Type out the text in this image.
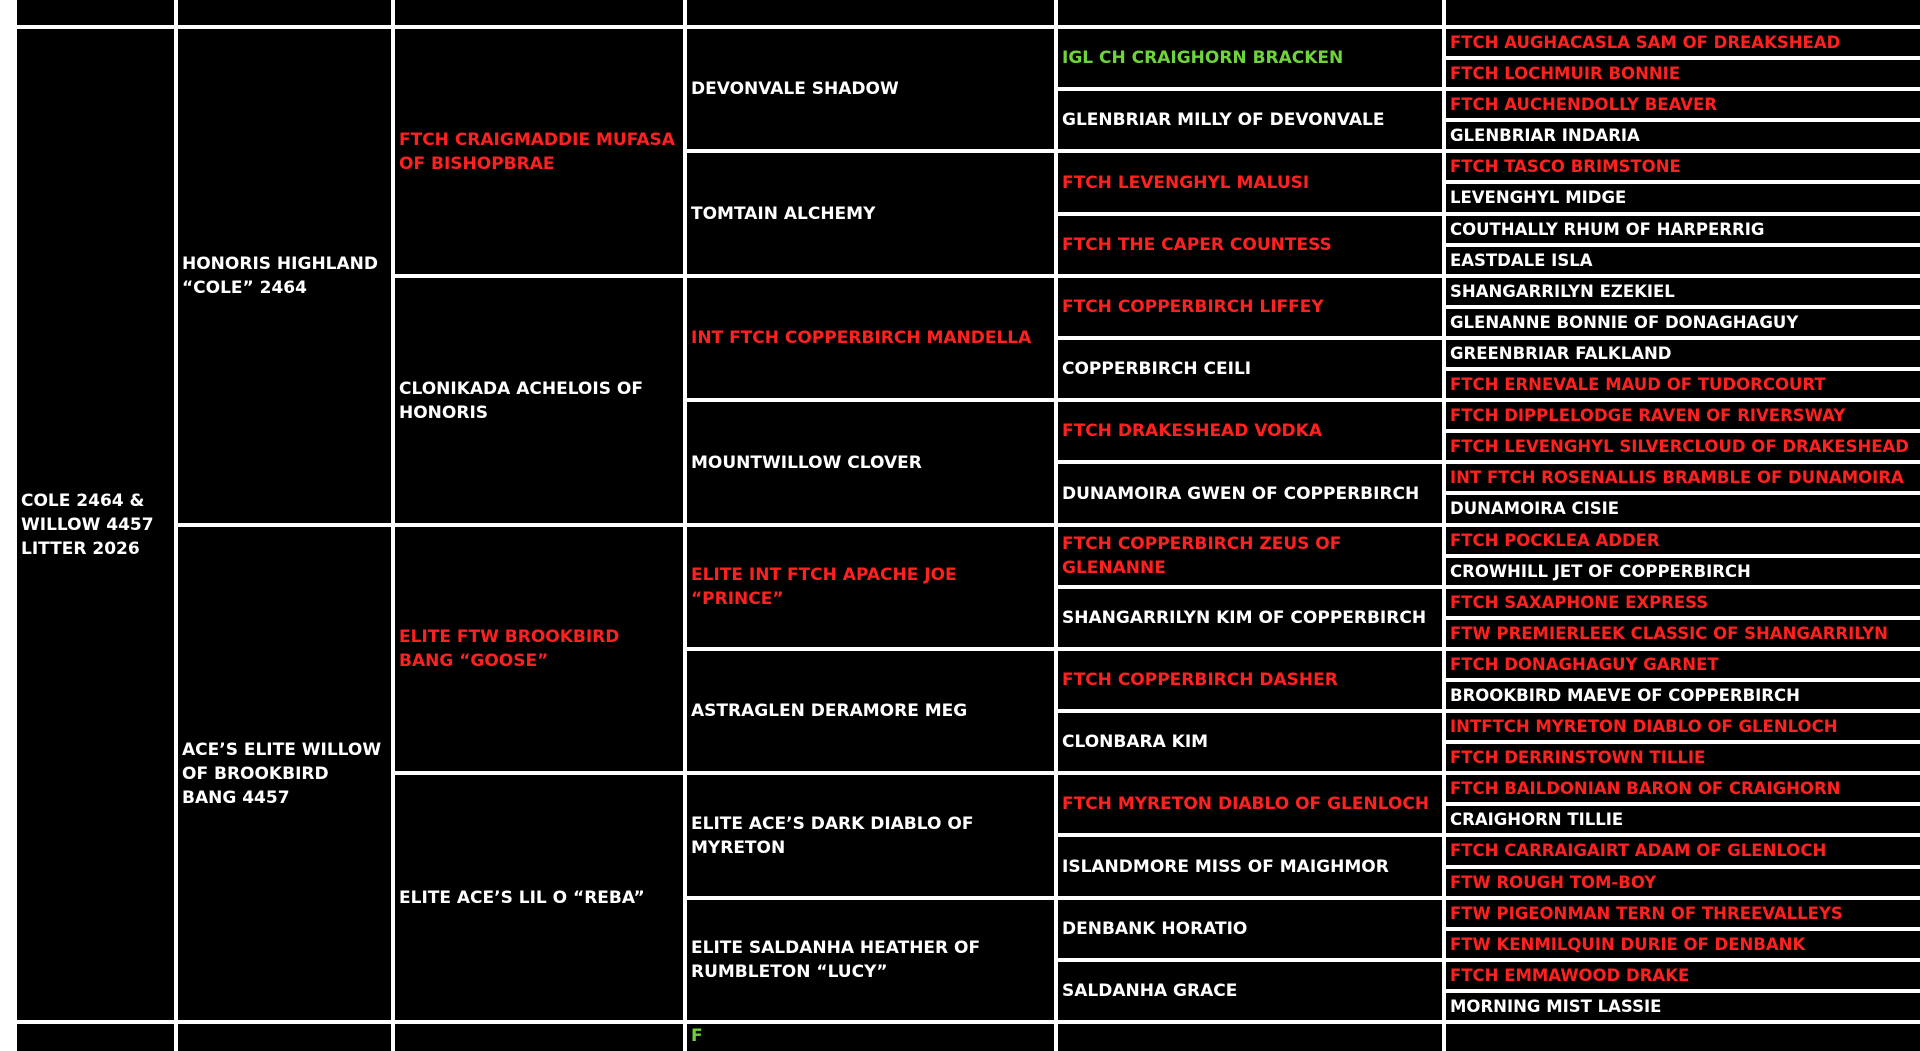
COLE 2464 & WILLOW 4457 LITTER 2026
HONORIS HIGHLAND “COLE” 2464
ACE’S ELITE WILLOW OF BROOKBIRD BANG 4457
FTCH CRAIGMADDIE MUFASA OF BISHOPBRAE
CLONIKADA ACHELOIS OF HONORIS
ELITE FTW BROOKBIRD BANG “GOOSE”
ELITE ACE’S LIL O “REBA”
DEVONVALE SHADOW
TOMTAIN ALCHEMY
INT FTCH COPPERBIRCH MANDELLA
MOUNTWILLOW CLOVER
ELITE INT FTCH APACHE JOE “PRINCE”
ASTRAGLEN DERAMORE MEG
ELITE ACE’S DARK DIABLO OF MYRETON
ELITE SALDANHA HEATHER OF RUMBLETON “LUCY”
IGL CH CRAIGHORN BRACKEN
GLENBRIAR MILLY OF DEVONVALE
FTCH LEVENGHYL MALUSI
FTCH THE CAPER COUNTESS
FTCH COPPERBIRCH LIFFEY
COPPERBIRCH CEILI
FTCH DRAKESHEAD VODKA
DUNAMOIRA GWEN OF COPPERBIRCH
FTCH COPPERBIRCH ZEUS OF GLENANNE
SHANGARRILYN KIM OF COPPERBIRCH
FTCH COPPERBIRCH DASHER
CLONBARA KIM
FTCH MYRETON DIABLO OF GLENLOCH
ISLANDMORE MISS OF MAIGHMOR
DENBANK HORATIO
SALDANHA GRACE
FTCH AUGHACASLA SAM OF DREAKSHEAD
FTCH LOCHMUIR BONNIE
FTCH AUCHENDOLLY BEAVER
GLENBRIAR INDARIA
FTCH TASCO BRIMSTONE
LEVENGHYL MIDGE
COUTHALLY RHUM OF HARPERRIG
EASTDALE ISLA
SHANGARRILYN EZEKIEL
GLENANNE BONNIE OF DONAGHAGUY
GREENBRIAR FALKLAND
FTCH ERNEVALE MAUD OF TUDORCOURT
FTCH DIPPLELODGE RAVEN OF RIVERSWAY
FTCH LEVENGHYL SILVERCLOUD OF DRAKESHEAD
INT FTCH ROSENALLIS BRAMBLE OF DUNAMOIRA
DUNAMOIRA CISIE
FTCH POCKLEA ADDER
CROWHILL JET OF COPPERBIRCH
FTCH SAXAPHONE EXPRESS
FTW PREMIERLEEK CLASSIC OF SHANGARRILYN
FTCH DONAGHAGUY GARNET
BROOKBIRD MAEVE OF COPPERBIRCH
INTFTCH MYRETON DIABLO OF GLENLOCH
FTCH DERRINSTOWN TILLIE
FTCH BAILDONIAN BARON OF CRAIGHORN
CRAIGHORN TILLIE
FTCH CARRAIGAIRT ADAM OF GLENLOCH
FTW ROUGH TOM-BOY
FTW PIGEONMAN TERN OF THREEVALLEYS
FTW KENMILQUIN DURIE OF DENBANK
FTCH EMMAWOOD DRAKE
MORNING MIST LASSIE
F
